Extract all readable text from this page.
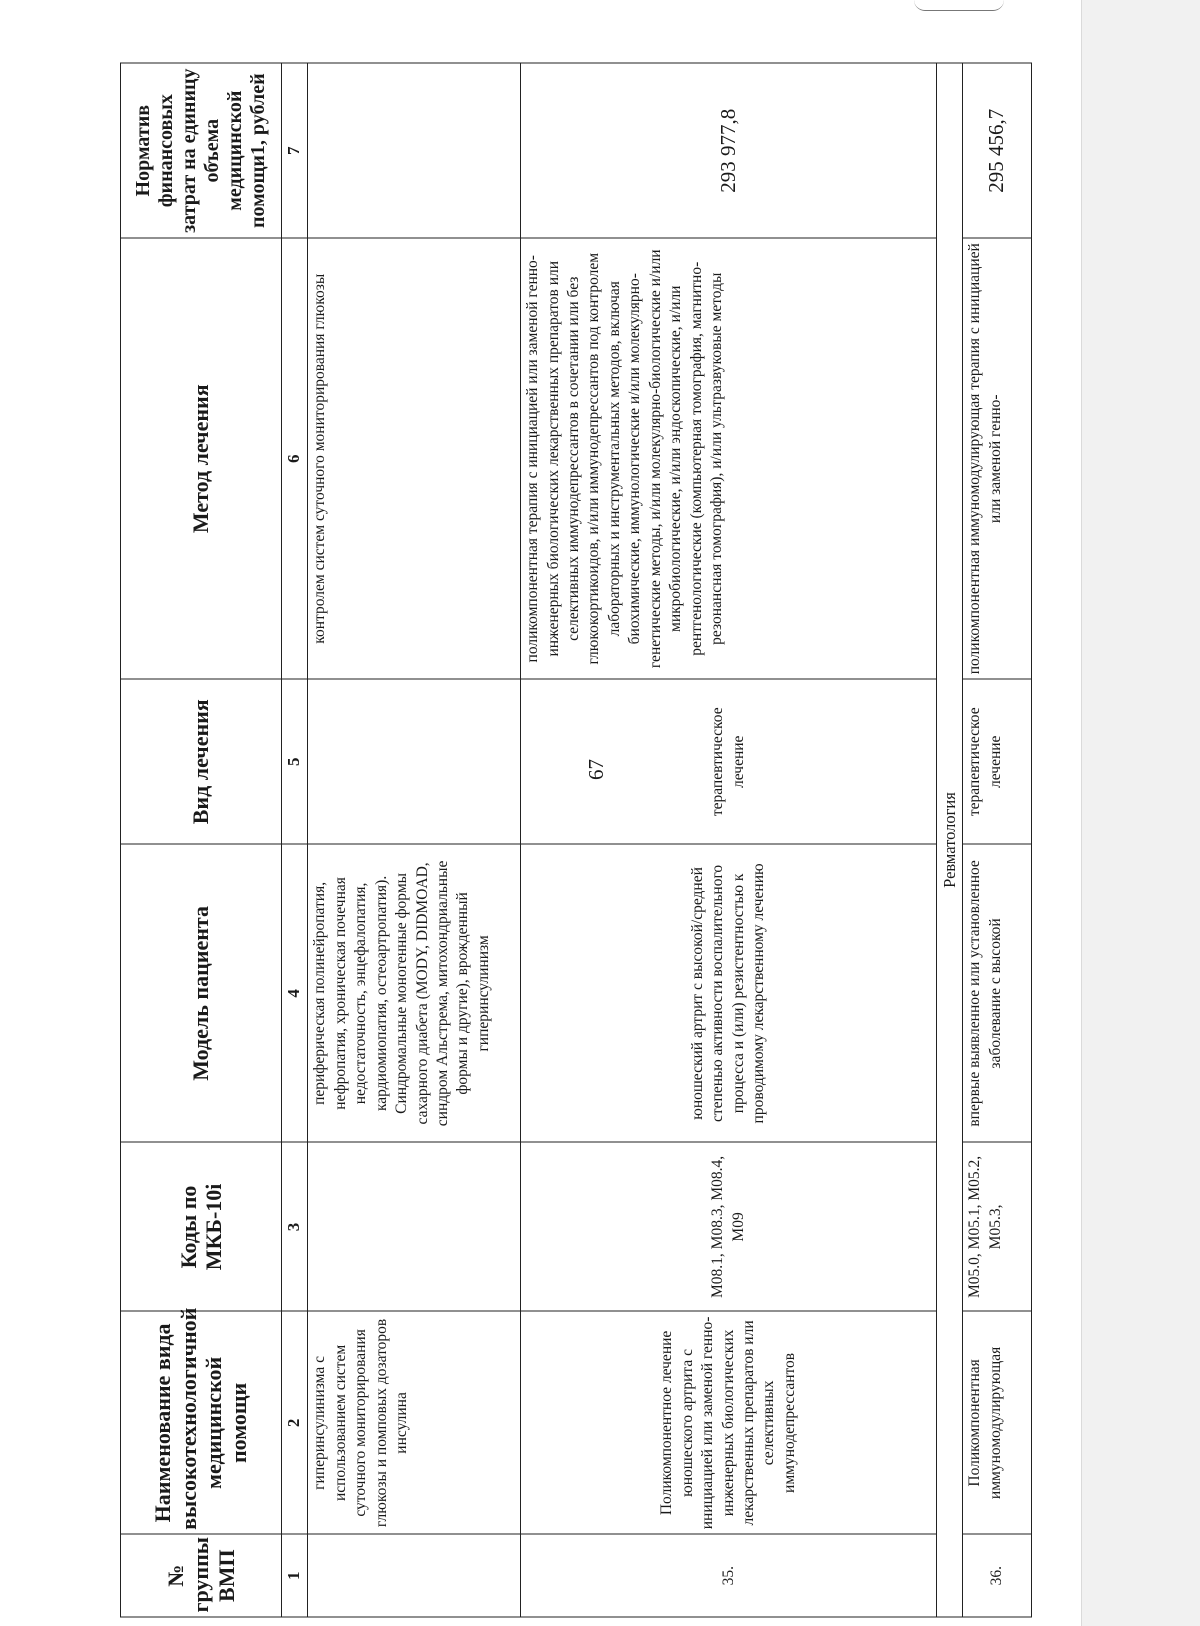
67
№ группы ВМП	Наименование вида высокотехнологичной медицинской помощи	Коды по МКБ-10i	Модель пациента	Вид лечения	Метод лечения	Норматив финансовых затрат на единицу объема медицинской помощи1, рублей
1	2	3	4	5	6	7
	гиперинсулинизма с использованием систем суточного мониторирования глюкозы и помповых дозаторов инсулина		периферическая полинейропатия, нефропатия, хроническая почечная недостаточность, энцефалопатия, кардиомиопатия, остеоартропатия). Синдромальные моногенные формы сахарного диабета (MODY, DIDMOAD, синдром Альстрема, митохондриальные формы и другие), врожденный гиперинсулинизм		контролем систем суточного мониторирования глюкозы	
35.	Поликомпонентное лечение юношеского артрита с инициацией или заменой генно-инженерных биологических лекарственных препаратов или селективных иммунодепрессантов	M08.1, M08.3, M08.4, M09	юношеский артрит с высокой/средней степенью активности воспалительного процесса и (или) резистентностью к проводимому лекарственному лечению	терапевтическое лечение	поликомпонентная терапия с инициацией или заменой генно-инженерных биологических лекарственных препаратов или селективных иммунодепрессантов в сочетании или без глюкокортикоидов, и/или иммунодепрессантов под контролем лабораторных и инструментальных методов, включая биохимические, иммунологические и/или молекулярно-генетические методы, и/или молекулярно-биологические и/или микробиологические, и/или эндоскопические, и/или рентгенологические (компьютерная томография, магнитно-резонансная томография), и/или ультразвуковые методы	293 977,8
Ревматология						
36.	Поликомпонентная иммуномодулирующая	M05.0, M05.1, M05.2, M05.3,	впервые выявленное или установленное заболевание с высокой	терапевтическое лечение	поликомпонентная иммуномодулирующая терапия с инициацией или заменой генно-	295 456,7
